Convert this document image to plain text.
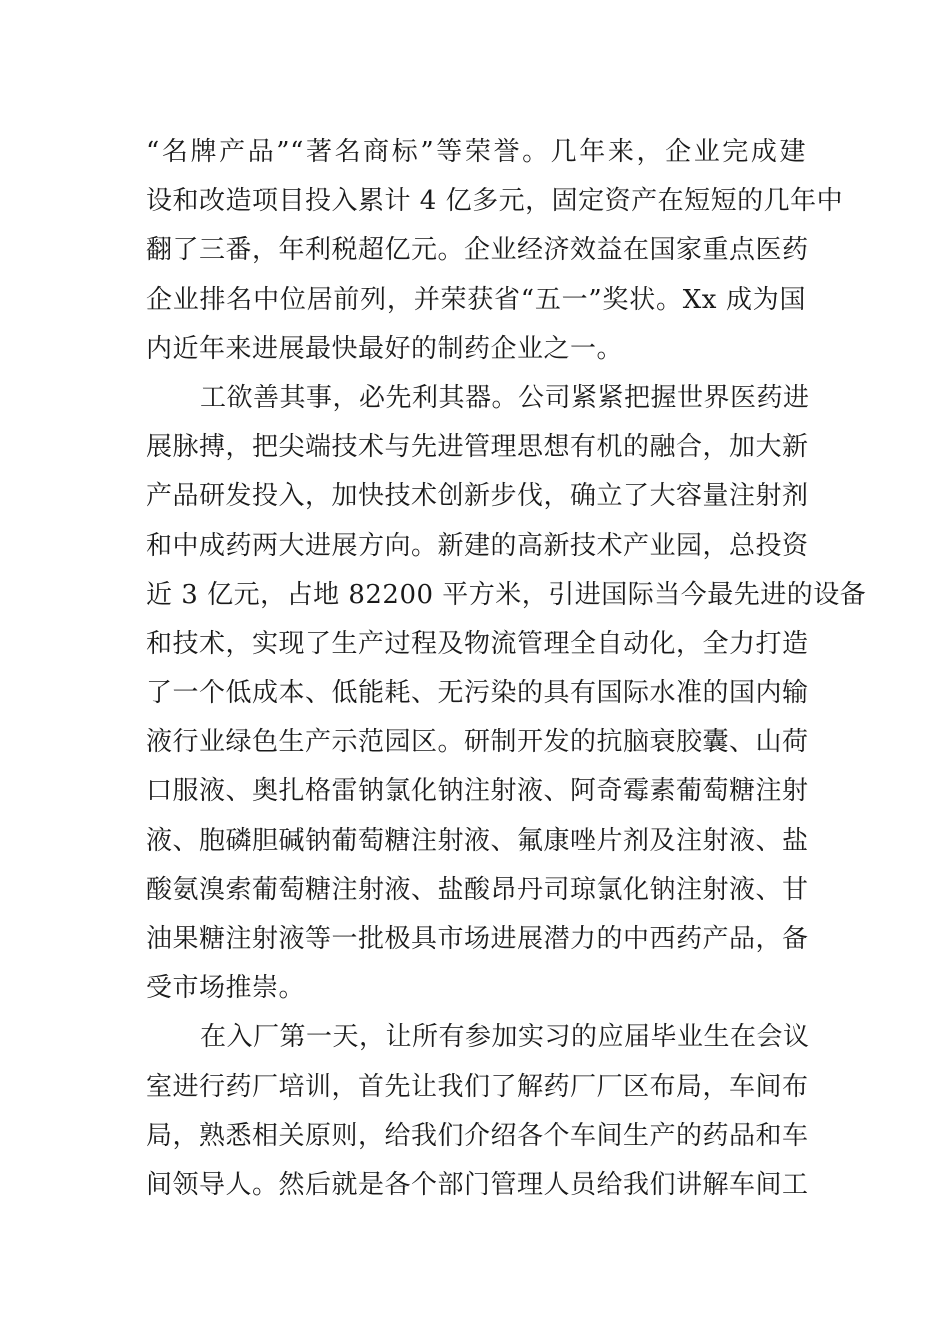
“名牌产品”“著名商标”等荣誉。几年来，企业完成建
设和改造项目投入累计 4 亿多元，固定资产在短短的几年中
翻了三番，年利税超亿元。企业经济效益在国家重点医药
企业排名中位居前列，并荣获省“五一”奖状。Xx 成为国
内近年来进展最快最好的制药企业之一。
工欲善其事，必先利其器。公司紧紧把握世界医药进
展脉搏，把尖端技术与先进管理思想有机的融合，加大新
产品研发投入，加快技术创新步伐，确立了大容量注射剂
和中成药两大进展方向。新建的高新技术产业园，总投资
近 3 亿元，占地 82200 平方米，引进国际当今最先进的设备
和技术，实现了生产过程及物流管理全自动化，全力打造
了一个低成本、低能耗、无污染的具有国际水准的国内输
液行业绿色生产示范园区。研制开发的抗脑衰胶囊、山荷
口服液、奥扎格雷钠氯化钠注射液、阿奇霉素葡萄糖注射
液、胞磷胆碱钠葡萄糖注射液、氟康唑片剂及注射液、盐
酸氨溴索葡萄糖注射液、盐酸昂丹司琼氯化钠注射液、甘
油果糖注射液等一批极具市场进展潜力的中西药产品，备
受市场推崇。
在入厂第一天，让所有参加实习的应届毕业生在会议
室进行药厂培训，首先让我们了解药厂厂区布局，车间布
局，熟悉相关原则，给我们介绍各个车间生产的药品和车
间领导人。然后就是各个部门管理人员给我们讲解车间工
